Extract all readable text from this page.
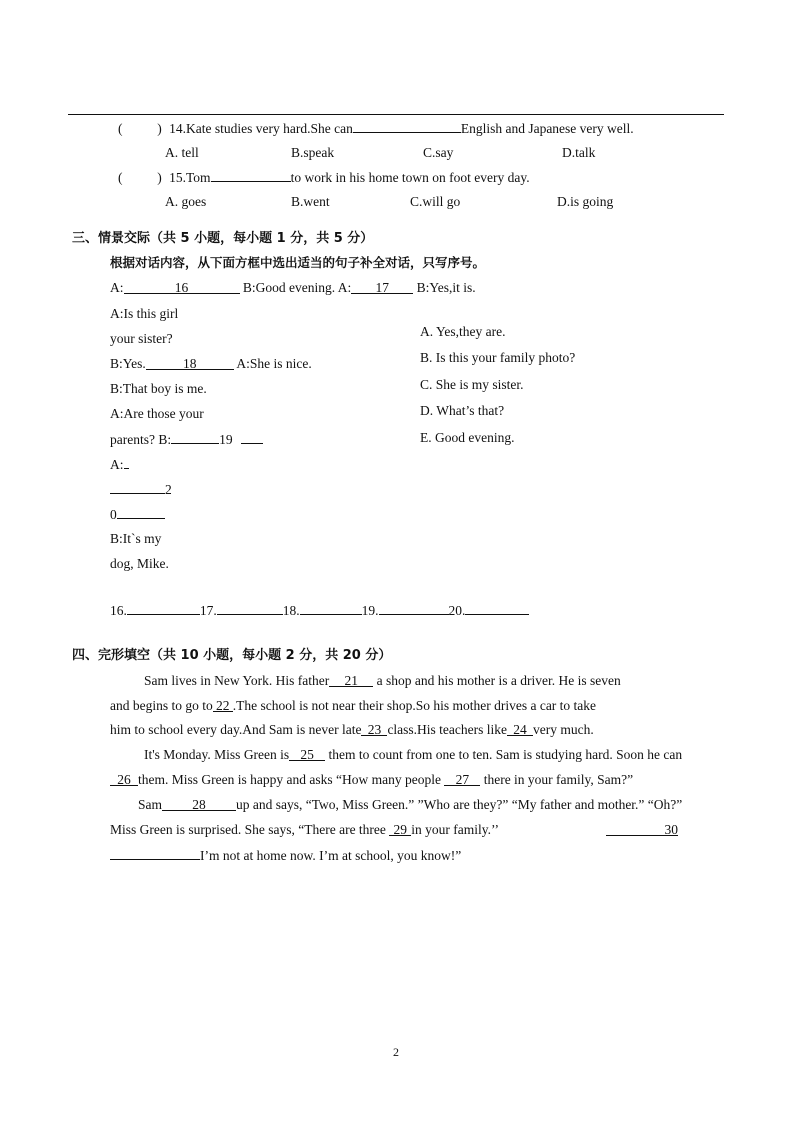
(	) 14.Kate studies very hard.She can	English and Japanese very well.
A. tell	B.speak	C.say	D.talk
(	) 15.Tom	to work in his home town on foot every day.
A. goes	B.went	C.will go	D.is going
三、情景交际（共 5 小题，每小题 1 分，共 5 分）
根据对话内容，从下面方框中选出适当的句子补全对话，只写序号。
A:	16	B:Good evening. A: 17 B:Yes,it is.
A:Is this girl
your sister?
B:Yes.	18	A:She is nice.
B:That boy is me.
A:Are those your
parents? B:	19
A:
2
0
B:It`s my
dog, Mike.
A. Yes,they are.
B. Is this your family photo?
C. She is my sister.
D. What’s that?
E. Good evening.
16.	17.	18.	19.	20.
四、完形填空（共 10 小题，每小题 2 分，共 20 分）
Sam lives in New York. His father 21 a shop and his mother is a driver. He is seven
and begins to go to 22 .The school is not near their shop.So his mother drives a car to take
him to school every day.And Sam is never late 23 class.His teachers like 24 very much.
It's Monday. Miss Green is 25 them to count from one to ten. Sam is studying hard. Soon he can
26 them. Miss Green is happy and asks “How many people 27 there in your family, Sam?”
Sam 28 up and says, “Two, Miss Green.” ”Who are they?” “My father and mother.” “Oh?”
Miss Green is surprised. She says, “There are three 29 in your family.’’	30
I’m not at home now. I’m at school, you know!”
2
